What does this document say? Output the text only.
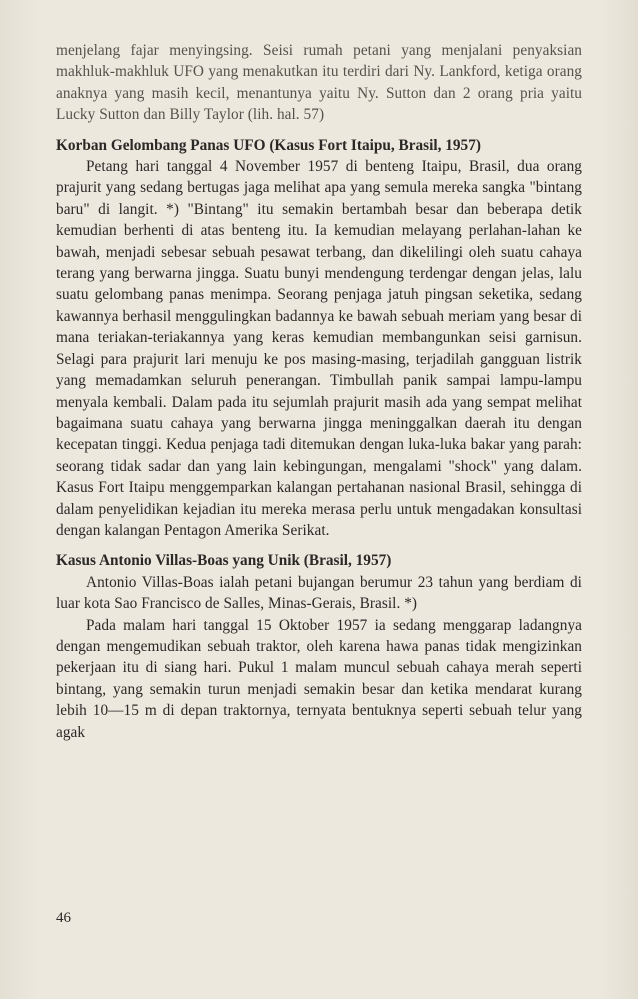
menjelang fajar menyingsing. Seisi rumah petani yang menjalani penyaksian makhluk-makhluk UFO yang menakutkan itu terdiri dari Ny. Lankford, ketiga orang anaknya yang masih kecil, menantunya yaitu Ny. Sutton dan 2 orang pria yaitu Lucky Sutton dan Billy Taylor (lih. hal. 57)

Korban Gelombang Panas UFO (Kasus Fort Itaipu, Brasil, 1957)

Petang hari tanggal 4 November 1957 di benteng Itaipu, Brasil, dua orang prajurit yang sedang bertugas jaga melihat apa yang semula mereka sangka "bintang baru" di langit. *) "Bintang" itu semakin bertambah besar dan beberapa detik kemudian berhenti di atas benteng itu. Ia kemudian melayang perlahan-lahan ke bawah, menjadi sebesar sebuah pesawat terbang, dan dikelilingi oleh suatu cahaya terang yang berwarna jingga. Suatu bunyi mendengung terdengar dengan jelas, lalu suatu gelombang panas menimpa. Seorang penjaga jatuh pingsan seketika, sedang kawannya berhasil menggulingkan badannya ke bawah sebuah meriam yang besar di mana teriakan-teriakannya yang keras kemudian membangunkan seisi garnisun. Selagi para prajurit lari menuju ke pos masing-masing, terjadilah gangguan listrik yang memadamkan seluruh penerangan. Timbullah panik sampai lampu-lampu menyala kembali. Dalam pada itu sejumlah prajurit masih ada yang sempat melihat bagaimana suatu cahaya yang berwarna jingga meninggalkan daerah itu dengan kecepatan tinggi. Kedua penjaga tadi ditemukan dengan luka-luka bakar yang parah: seorang tidak sadar dan yang lain kebingungan, mengalami "shock" yang dalam. Kasus Fort Itaipu menggemparkan kalangan pertahanan nasional Brasil, sehingga di dalam penyelidikan kejadian itu mereka merasa perlu untuk mengadakan konsultasi dengan kalangan Pentagon Amerika Serikat.

Kasus Antonio Villas-Boas yang Unik (Brasil, 1957)

Antonio Villas-Boas ialah petani bujangan berumur 23 tahun yang berdiam di luar kota Sao Francisco de Salles, Minas-Gerais, Brasil. *)

Pada malam hari tanggal 15 Oktober 1957 ia sedang menggarap ladangnya dengan mengemudikan sebuah traktor, oleh karena hawa panas tidak mengizinkan pekerjaan itu di siang hari. Pukul 1 malam muncul sebuah cahaya merah seperti bintang, yang semakin turun menjadi semakin besar dan ketika mendarat kurang lebih 10—15 m di depan traktornya, ternyata bentuknya seperti sebuah telur yang agak

46
